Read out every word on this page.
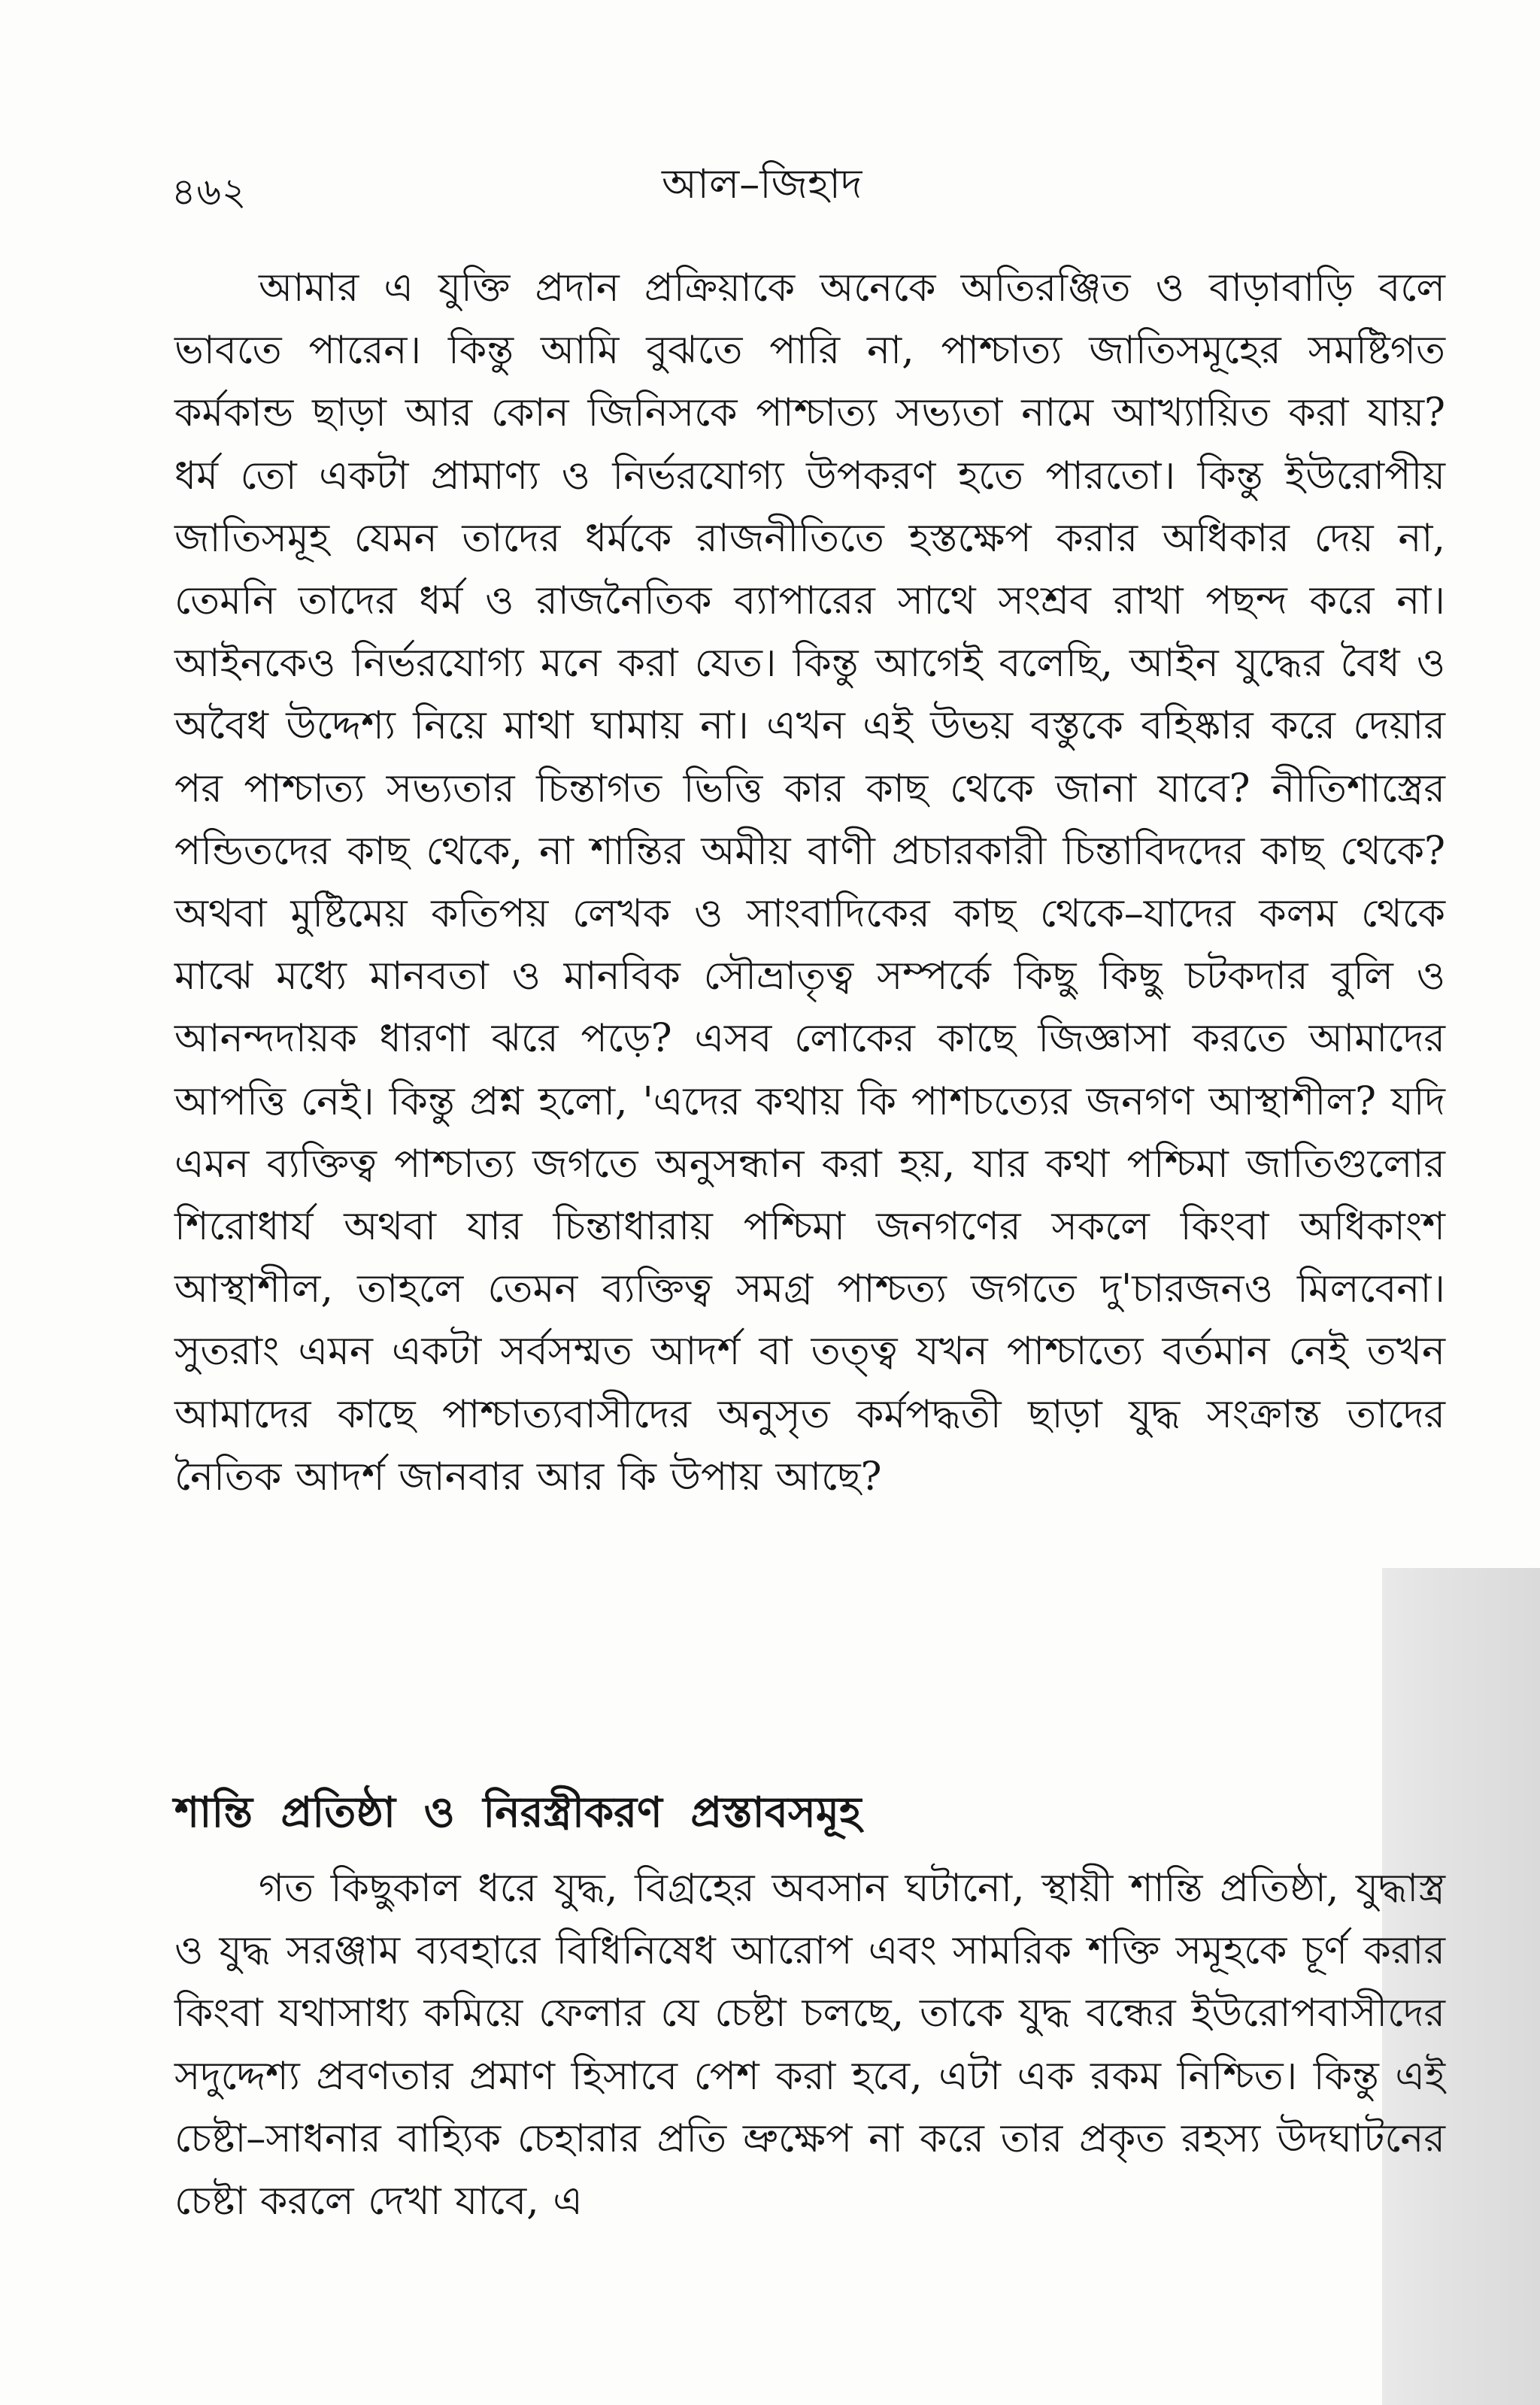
৪৬২	আল–জিহাদ

আমার এ যুক্তি প্রদান প্রক্রিয়াকে অনেকে অতিরঞ্জিত ও বাড়াবাড়ি বলে ভাবতে পারেন। কিন্তু আমি বুঝতে পারি না, পাশ্চাত্য জাতিসমূহের সমষ্টিগত কর্মকান্ড ছাড়া আর কোন জিনিসকে পাশ্চাত্য সভ্যতা নামে আখ্যায়িত করা যায়? ধর্ম তো একটা প্রামাণ্য ও নির্ভরযোগ্য উপকরণ হতে পারতো। কিন্তু ইউরোপীয় জাতিসমূহ যেমন তাদের ধর্মকে রাজনীতিতে হস্তক্ষেপ করার অধিকার দেয় না, তেমনি তাদের ধর্ম ও রাজনৈতিক ব্যাপারের সাথে সংশ্রব রাখা পছন্দ করে না। আইনকেও নির্ভরযোগ্য মনে করা যেত। কিন্তু আগেই বলেছি, আইন যুদ্ধের বৈধ ও অবৈধ উদ্দেশ্য নিয়ে মাথা ঘামায় না। এখন এই উভয় বস্তুকে বহিষ্কার করে দেয়ার পর পাশ্চাত্য সভ্যতার চিন্তাগত ভিত্তি কার কাছ থেকে জানা যাবে? নীতিশাস্ত্রের পন্ডিতদের কাছ থেকে, না শান্তির অমীয় বাণী প্রচারকারী চিন্তাবিদদের কাছ থেকে? অথবা মুষ্টিমেয় কতিপয় লেখক ও সাংবাদিকের কাছ থেকে–যাদের কলম থেকে মাঝে মধ্যে মানবতা ও মানবিক সৌভ্রাতৃত্ব সম্পর্কে কিছু কিছু চটকদার বুলি ও আনন্দদায়ক ধারণা ঝরে পড়ে? এসব লোকের কাছে জিজ্ঞাসা করতে আমাদের আপত্তি নেই। কিন্তু প্রশ্ন হলো, 'এদের কথায় কি পাশচত্যের জনগণ আস্থাশীল? যদি এমন ব্যক্তিত্ব পাশ্চাত্য জগতে অনুসন্ধান করা হয়, যার কথা পশ্চিমা জাতিগুলোর শিরোধার্য অথবা যার চিন্তাধারায় পশ্চিমা জনগণের সকলে কিংবা অধিকাংশ আস্থাশীল, তাহলে তেমন ব্যক্তিত্ব সমগ্র পাশ্চত্য জগতে দু'চারজনও মিলবেনা। সুতরাং এমন একটা সর্বসম্মত আদর্শ বা তত্ত্ব যখন পাশ্চাত্যে বর্তমান নেই তখন আমাদের কাছে পাশ্চাত্যবাসীদের অনুসৃত কর্মপদ্ধতী ছাড়া যুদ্ধ সংক্রান্ত তাদের নৈতিক আদর্শ জানবার আর কি উপায় আছে?

শান্তি প্রতিষ্ঠা ও নিরস্ত্রীকরণ প্রস্তাবসমূহ

গত কিছুকাল ধরে যুদ্ধ, বিগ্রহের অবসান ঘটানো, স্থায়ী শান্তি প্রতিষ্ঠা, যুদ্ধাস্ত্র ও যুদ্ধ সরঞ্জাম ব্যবহারে বিধিনিষেধ আরোপ এবং সামরিক শক্তি সমূহকে চূর্ণ করার কিংবা যথাসাধ্য কমিয়ে ফেলার যে চেষ্টা চলছে, তাকে যুদ্ধ বন্ধের ইউরোপবাসীদের সদুদ্দেশ্য প্রবণতার প্রমাণ হিসাবে পেশ করা হবে, এটা এক রকম নিশ্চিত। কিন্তু এই চেষ্টা–সাধনার বাহ্যিক চেহারার প্রতি ভ্রুক্ষেপ না করে তার প্রকৃত রহস্য উদঘাটনের চেষ্টা করলে দেখা যাবে, এ
